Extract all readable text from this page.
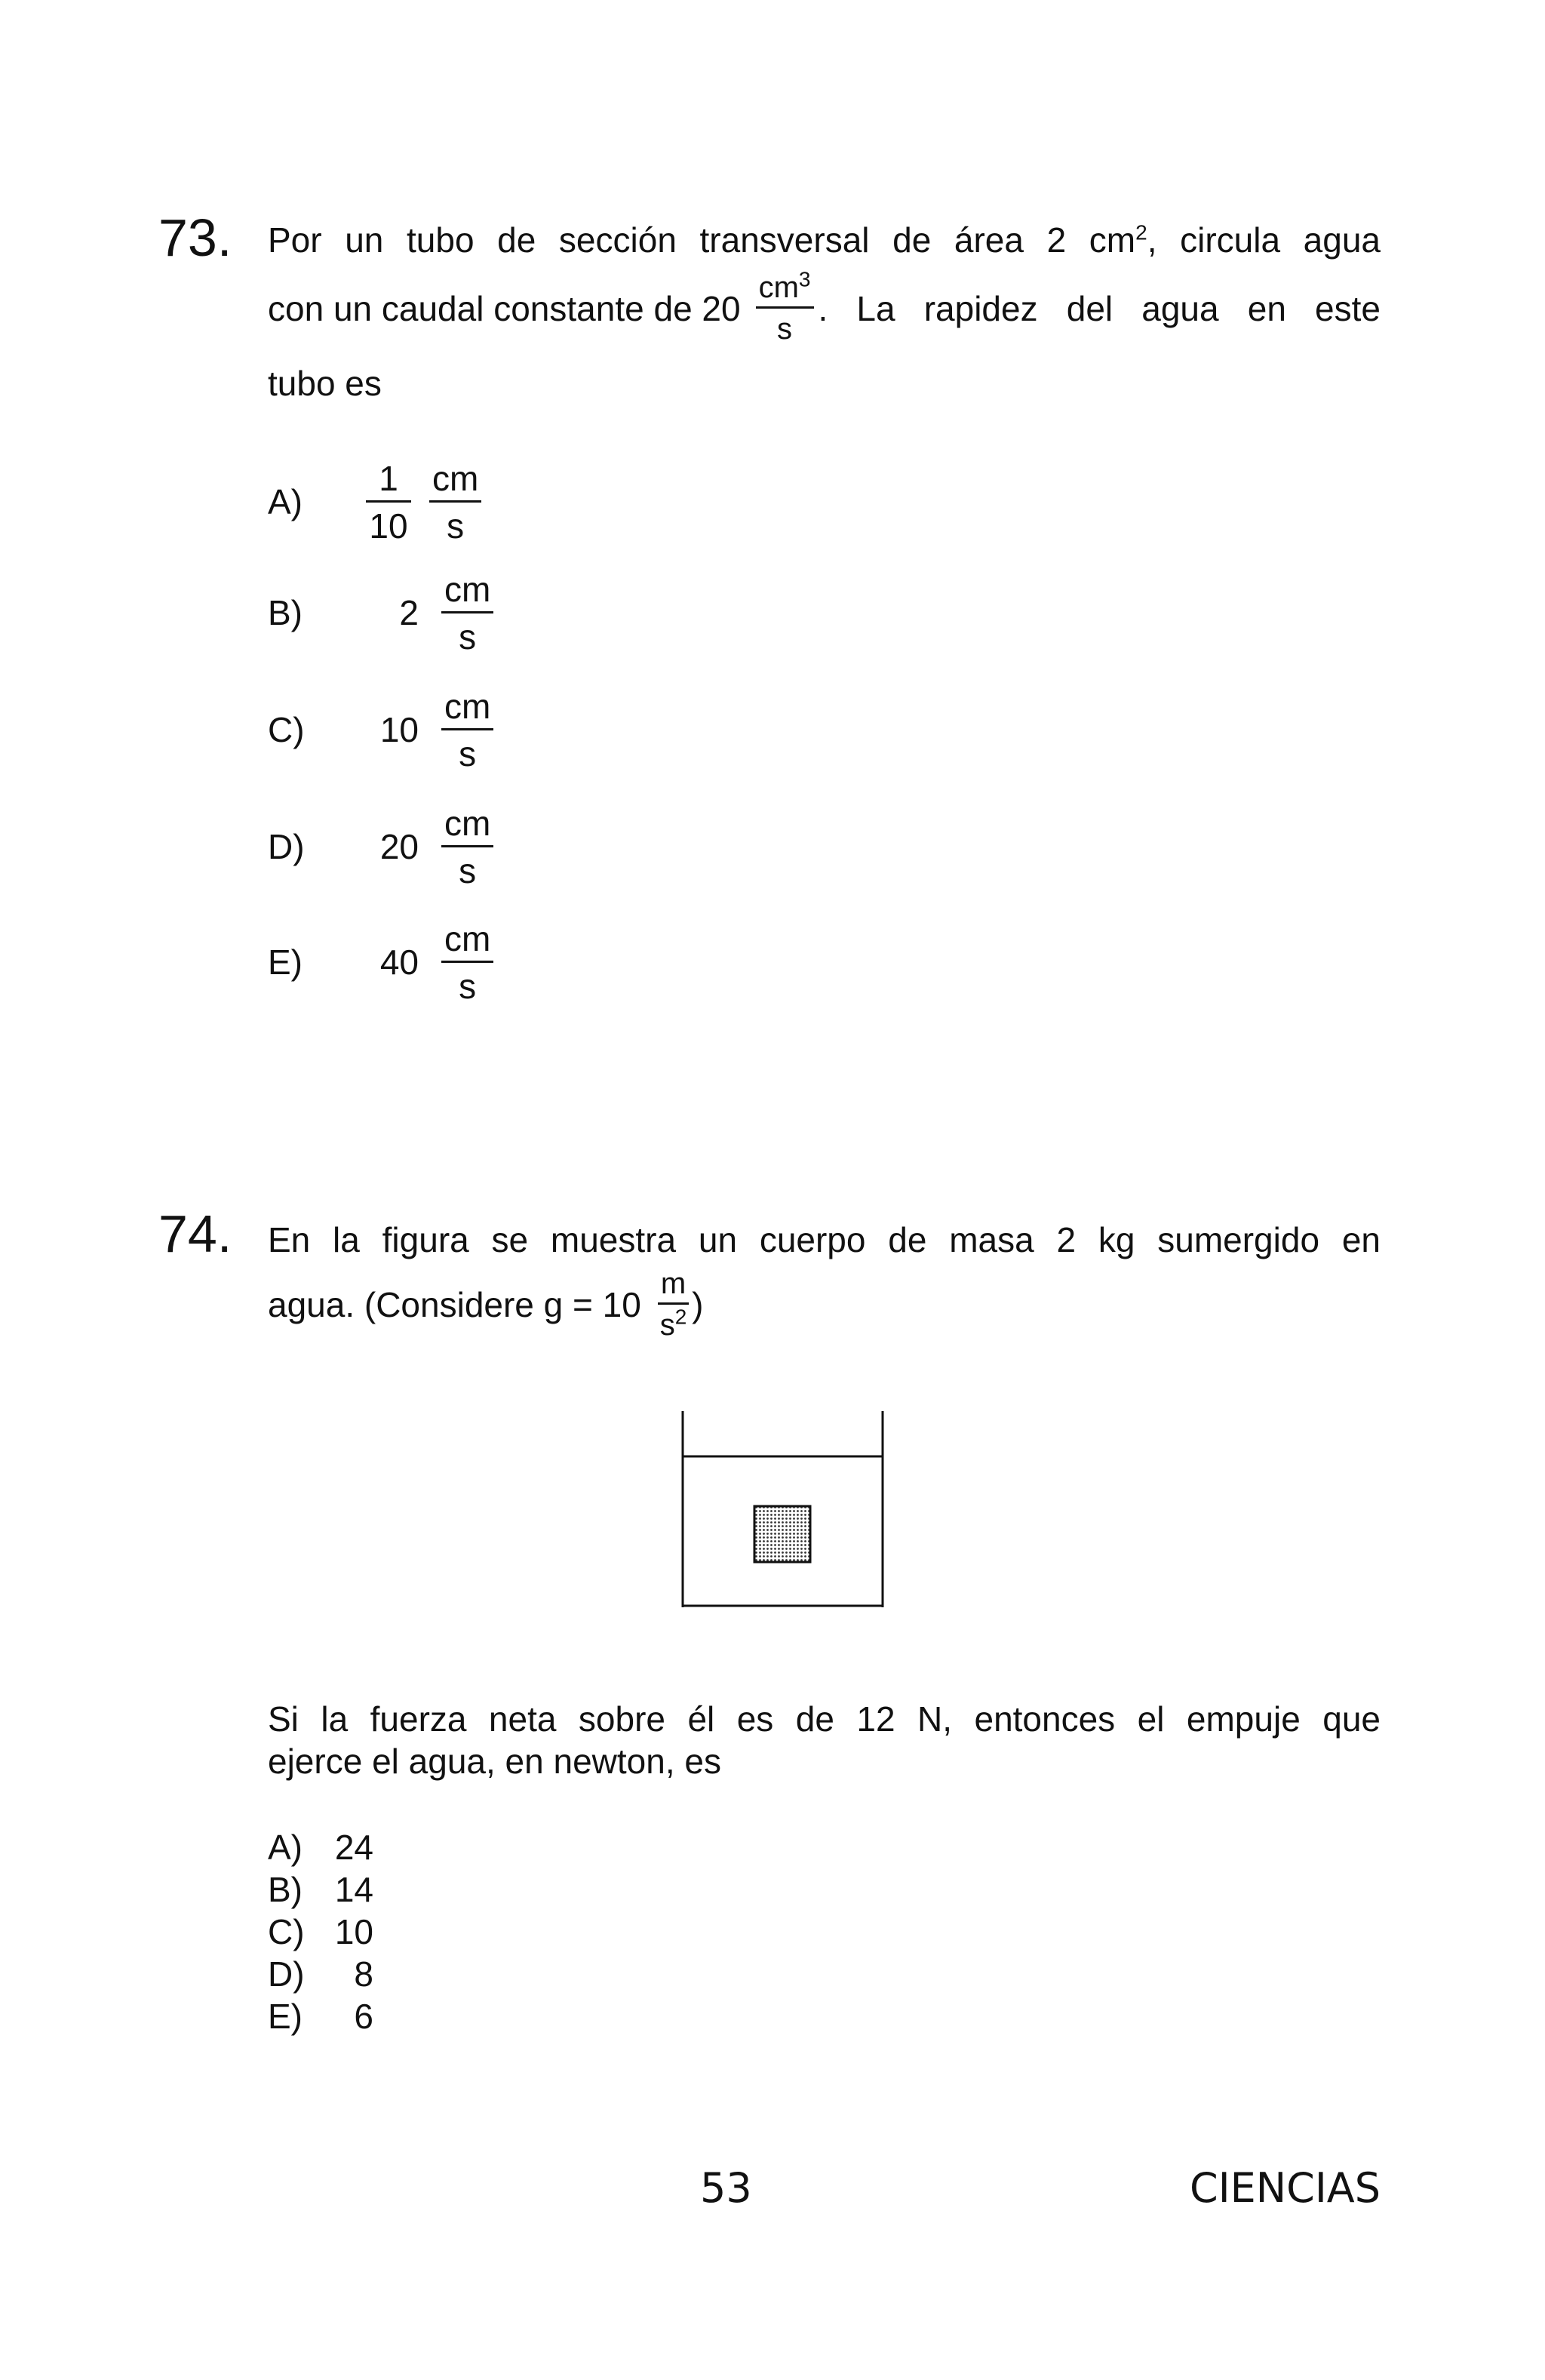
73. Por un tubo de sección transversal de área 2 $cm^2$, circula agua
con un caudal constante de $20 \frac{cm^3}{s}$ . La rapidez del agua en este
tubo es
A)	$\frac{1}{10} \frac{cm}{s}$
B)	$2 \frac{cm}{s}$
C)	$10 \frac{cm}{s}$
D)	$20 \frac{cm}{s}$
E)	$40 \frac{cm}{s}$
74. En la figura se muestra un cuerpo de masa 2 kg sumergido en
agua. (Considere $g = 10 \frac{m}{s^2}$ )
Si la fuerza neta sobre él es de 12 N, entonces el empuje que
ejerce el agua, en newton, es
A) 24
B) 14
C) 10
D)	8
E)	6
53	CIENCIAS
